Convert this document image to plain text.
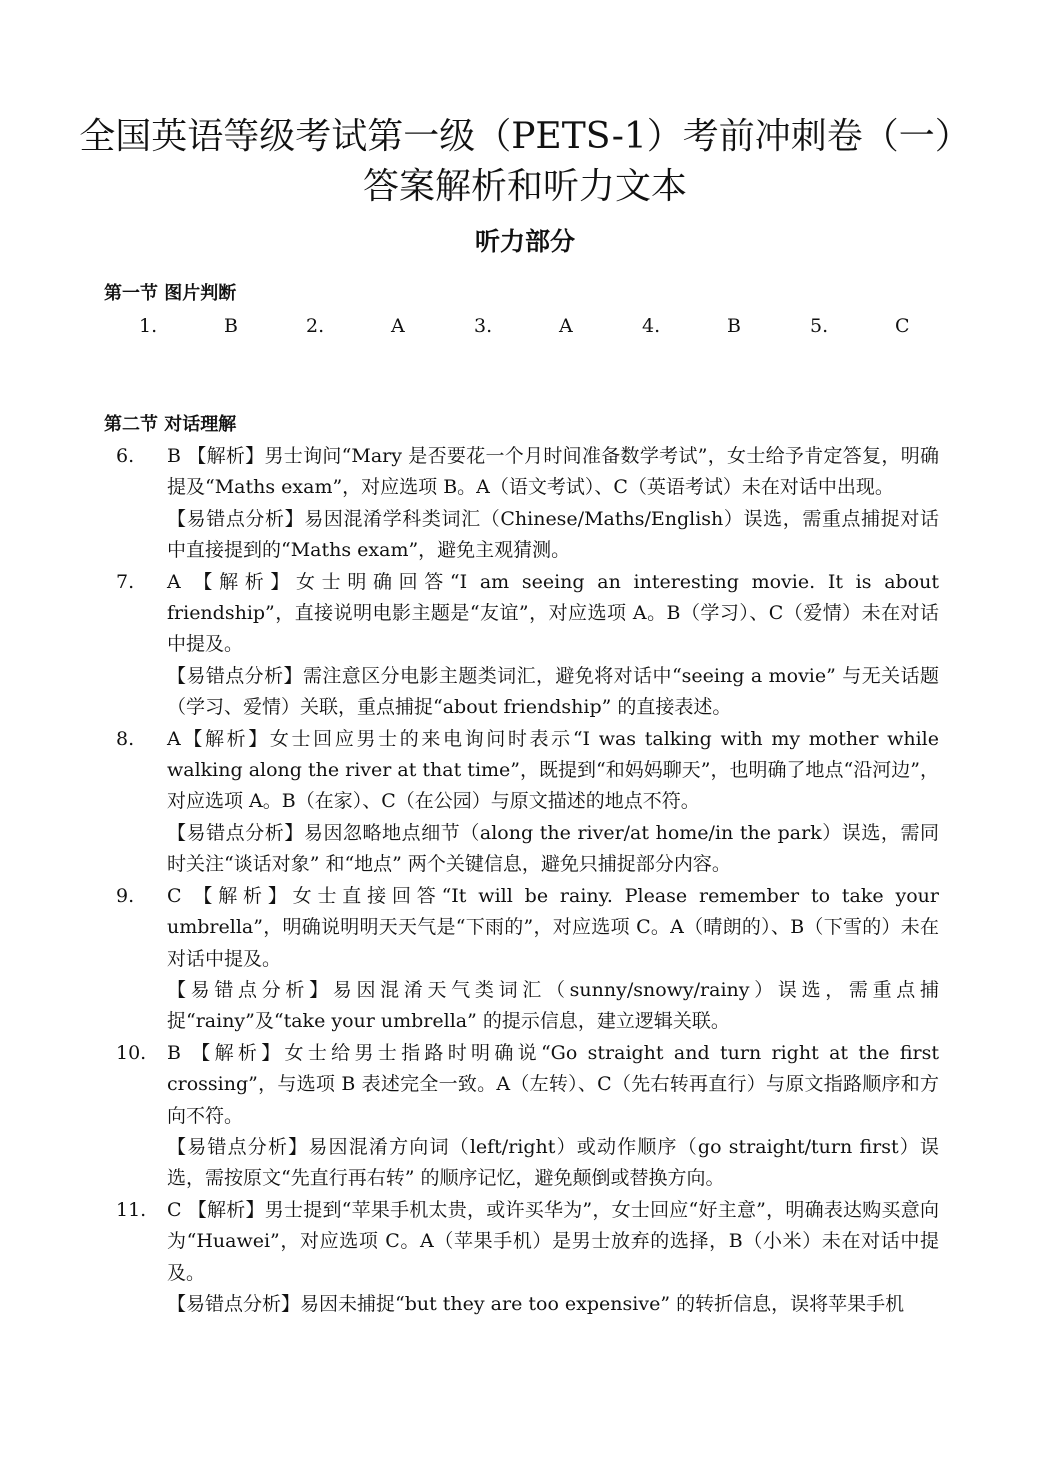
全国英语等级考试第一级（PETS-1）考前冲刺卷（一）
答案解析和听力文本
听力部分
第一节 图片判断
1.	B	2.	A	3.	A	4.	B	5.	C
第二节 对话理解
6.	B 【解析】男士询问“Mary 是否要花一个月时间准备数学考试”，女士给予肯定答复，明确提及“Maths exam”，对应选项 B。A（语文考试）、C（英语考试）未在对话中出现。

【易错点分析】易因混淆学科类词汇（Chinese/Maths/English）误选，需重点捕捉对话中直接提到的“Maths exam”，避免主观猜测。

7.	A 【解析】女士明确回答“I am seeing an interesting movie. It is about friendship”，直接说明电影主题是“友谊”，对应选项 A。B（学习）、C（爱情）未在对话中提及。

【易错点分析】需注意区分电影主题类词汇，避免将对话中“seeing a movie” 与无关话题（学习、爱情）关联，重点捕捉“about friendship” 的直接表述。

8.	A【解析】女士回应男士的来电询问时表示“I was talking with my mother while walking along the river at that time”，既提到“和妈妈聊天”，也明确了地点“沿河边”，对应选项 A。B（在家）、C（在公园）与原文描述的地点不符。

【易错点分析】易因忽略地点细节（along the river/at home/in the park）误选，需同时关注“谈话对象” 和“地点” 两个关键信息，避免只捕捉部分内容。

9.	C 【解析】女士直接回答“It will be rainy. Please remember to take your umbrella”，明确说明明天天气是“下雨的”，对应选项 C。A（晴朗的）、B（下雪的）未在对话中提及。

【易错点分析】易因混淆天气类词汇（sunny/snowy/rainy）误选，需重点捕捉“rainy”及“take your umbrella” 的提示信息，建立逻辑关联。

10.	B 【解析】女士给男士指路时明确说“Go straight and turn right at the first crossing”，与选项 B 表述完全一致。A（左转）、C（先右转再直行）与原文指路顺序和方向不符。

【易错点分析】易因混淆方向词（left/right）或动作顺序（go straight/turn first）误选，需按原文“先直行再右转” 的顺序记忆，避免颠倒或替换方向。

11.	C 【解析】男士提到“苹果手机太贵，或许买华为”，女士回应“好主意”，明确表达购买意向为“Huawei”，对应选项 C。A（苹果手机）是男士放弃的选择，B（小米）未在对话中提及。

【易错点分析】易因未捕捉“but they are too expensive” 的转折信息，误将苹果手机
